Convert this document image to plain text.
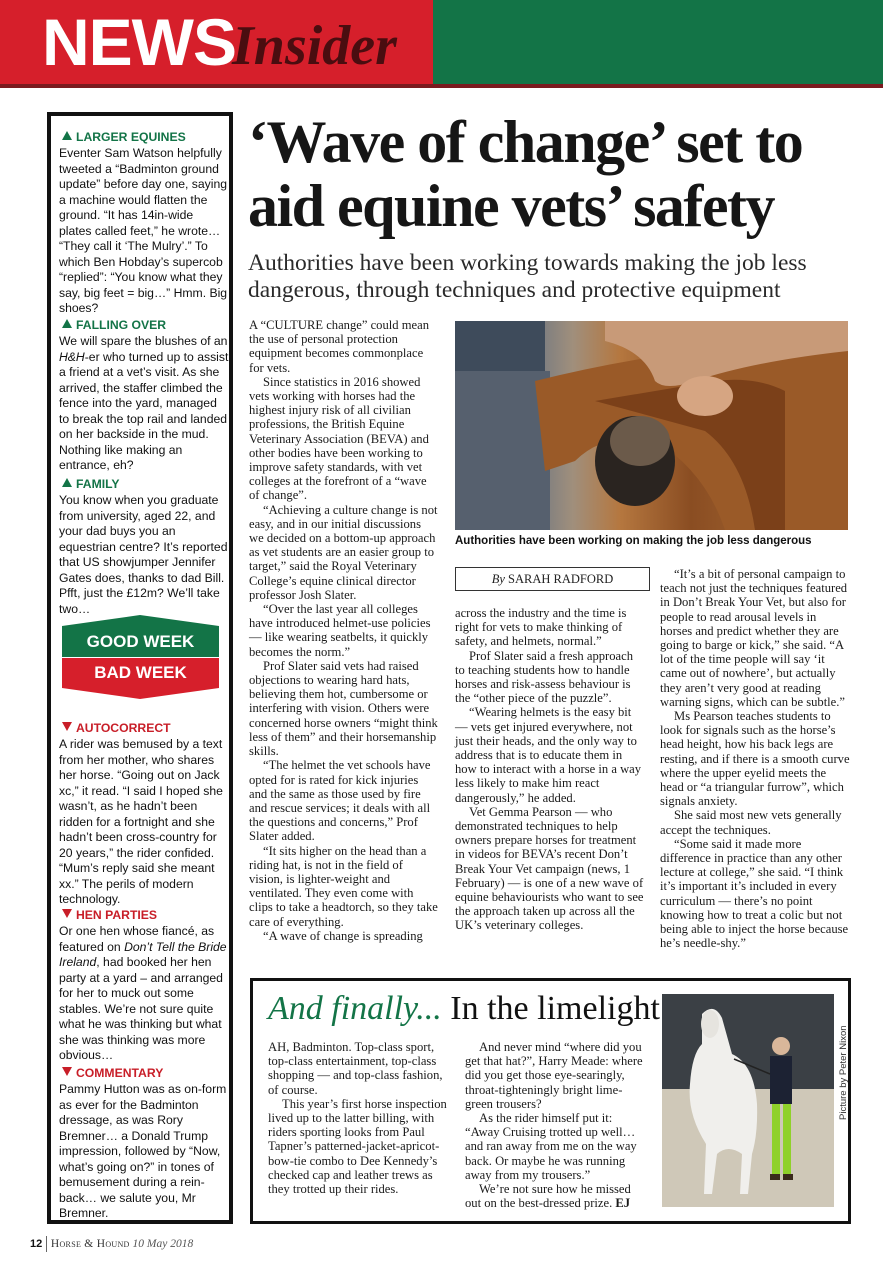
NEWS
Insider
LARGER EQUINES
Eventer Sam Watson helpfully tweeted a “Badminton ground update” before day one, saying a machine would flatten the ground. “It has 14in-wide plates called feet,” he wrote… “They call it ‘The Mulry’.” To which Ben Hobday’s supercob “replied”: “You know what they say, big feet = big…” Hmm. Big shoes?
FALLING OVER
We will spare the blushes of an H&H-er who turned up to assist a friend at a vet’s visit. As she arrived, the staffer climbed the fence into the yard, managed to break the top rail and landed on her backside in the mud. Nothing like making an entrance, eh?
FAMILY
You know when you graduate from university, aged 22, and your dad buys you an equestrian centre? It’s reported that US showjumper Jennifer Gates does, thanks to dad Bill. Pfft, just the £12m? We’ll take two…
GOOD WEEK
BAD WEEK
AUTOCORRECT
A rider was bemused by a text from her mother, who shares her horse. “Going out on Jack xc,” it read. “I said I hoped she wasn’t, as he hadn’t been ridden for a fortnight and she hadn’t been cross-country for 20 years,” the rider confided. “Mum’s reply said she meant xx.” The perils of modern technology.
HEN PARTIES
Or one hen whose fiancé, as featured on Don’t Tell the Bride Ireland, had booked her hen party at a yard – and arranged for her to muck out some stables. We’re not sure quite what he was thinking but what she was thinking was more obvious…
COMMENTARY
Pammy Hutton was as on-form as ever for the Badminton dressage, as was Rory Bremner… a Donald Trump impression, followed by “Now, what’s going on?” in tones of bemusement during a rein-back… we salute you, Mr Bremner.
‘Wave of change’ set to aid equine vets’ safety
Authorities have been working towards making the job less dangerous, through techniques and protective equipment

A “CULTURE change” could mean the use of personal protection equipment becomes commonplace for vets.

Since statistics in 2016 showed vets working with horses had the highest injury risk of all civilian professions, the British Equine Veterinary Association (BEVA) and other bodies have been working to improve safety standards, with vet colleges at the forefront of a “wave of change”.

“Achieving a culture change is not easy, and in our initial discussions we decided on a bottom-up approach as vet students are an easier group to target,” said the Royal Veterinary College’s equine clinical director professor Josh Slater.

“Over the last year all colleges have introduced helmet-use policies — like wearing seatbelts, it quickly becomes the norm.”

Prof Slater said vets had raised objections to wearing hard hats, believing them hot, cumbersome or interfering with vision. Others were concerned horse owners “might think less of them” and their horsemanship skills.

“The helmet the vet schools have opted for is rated for kick injuries and the same as those used by fire and rescue services; it deals with all the questions and concerns,” Prof Slater added.

“It sits higher on the head than a riding hat, is not in the field of vision, is lighter-weight and ventilated. They even come with clips to take a headtorch, so they take care of everything.

“A wave of change is spreading

Authorities have been working on making the job less dangerous
By SARAH RADFORD

across the industry and the time is right for vets to make thinking of safety, and helmets, normal.”

Prof Slater said a fresh approach to teaching students how to handle horses and risk-assess behaviour is the “other piece of the puzzle”.

“Wearing helmets is the easy bit — vets get injured everywhere, not just their heads, and the only way to address that is to educate them in how to interact with a horse in a way less likely to make him react dangerously,” he added.

Vet Gemma Pearson — who demonstrated techniques to help owners prepare horses for treatment in videos for BEVA’s recent Don’t Break Your Vet campaign (news, 1 February) — is one of a new wave of equine behaviourists who want to see the approach taken up across all the UK’s veterinary colleges.

“It’s a bit of personal campaign to teach not just the techniques featured in Don’t Break Your Vet, but also for people to read arousal levels in horses and predict whether they are going to barge or kick,” she said. “A lot of the time people will say ‘it came out of nowhere’, but actually they aren’t very good at reading warning signs, which can be subtle.”

Ms Pearson teaches students to look for signals such as the horse’s head height, how his back legs are resting, and if there is a smooth curve where the upper eyelid meets the head or “a triangular furrow”, which signals anxiety.

She said most new vets generally accept the techniques.

“Some said it made more difference in practice than any other lecture at college,” she said. “I think it’s important it’s included in every curriculum — there’s no point knowing how to treat a colic but not being able to inject the horse because he’s needle-shy.”

And finally... In the limelight

AH, Badminton. Top-class sport, top-class entertainment, top-class shopping — and top-class fashion, of course.

This year’s first horse inspection lived up to the latter billing, with riders sporting looks from Paul Tapner’s patterned-jacket-apricot-bow-tie combo to Dee Kennedy’s checked cap and leather trews as they trotted up their rides.

And never mind “where did you get that hat?”, Harry Meade: where did you get those eye-searingly, throat-tighteningly bright lime-green trousers?

As the rider himself put it: “Away Cruising trotted up well… and ran away from me on the way back. Or maybe he was running away from my trousers.”

We’re not sure how he missed out on the best-dressed prize. EJ

Picture by Peter Nixon
12 Horse & Hound 10 May 2018
